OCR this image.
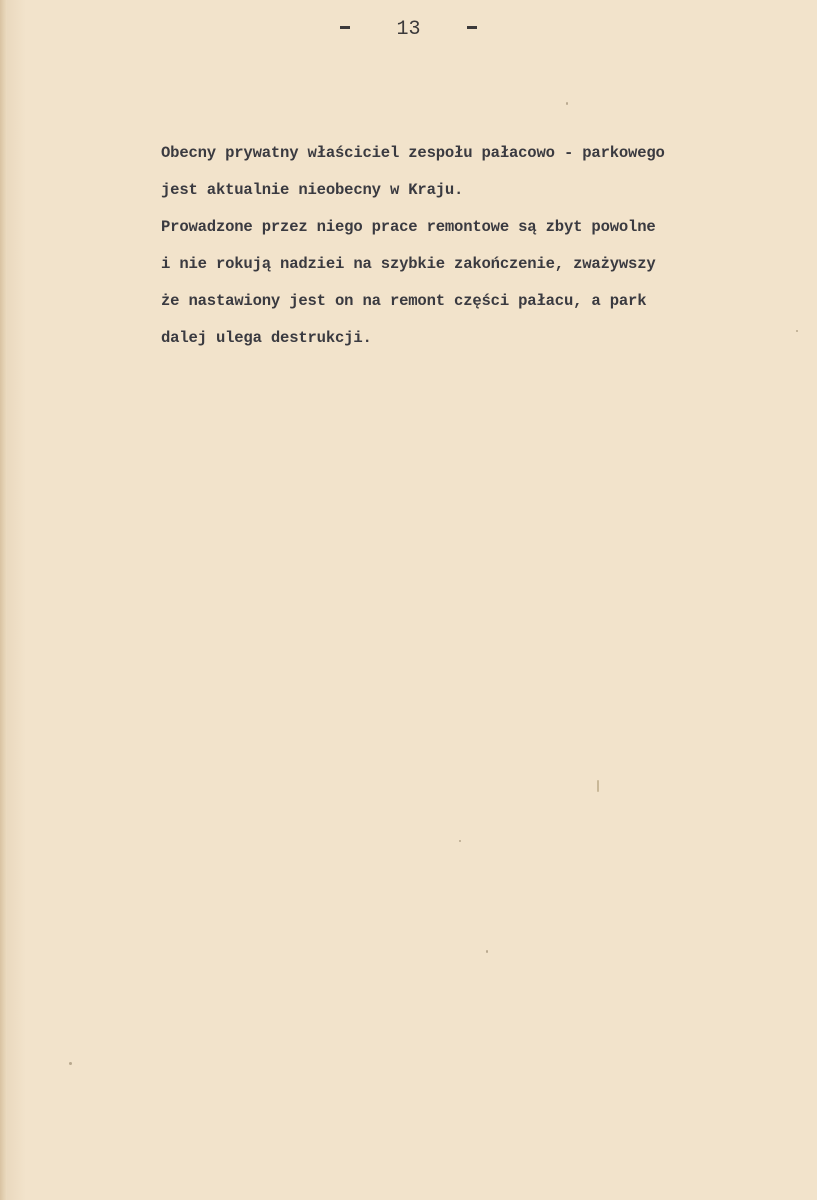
13
Obecny prywatny właściciel zespołu pałacowo - parkowego
jest aktualnie nieobecny w Kraju.
Prowadzone przez niego prace remontowe są zbyt powolne
i nie rokują nadziei na szybkie zakończenie, zważywszy
że nastawiony jest on na remont części pałacu, a park
dalej ulega destrukcji.
